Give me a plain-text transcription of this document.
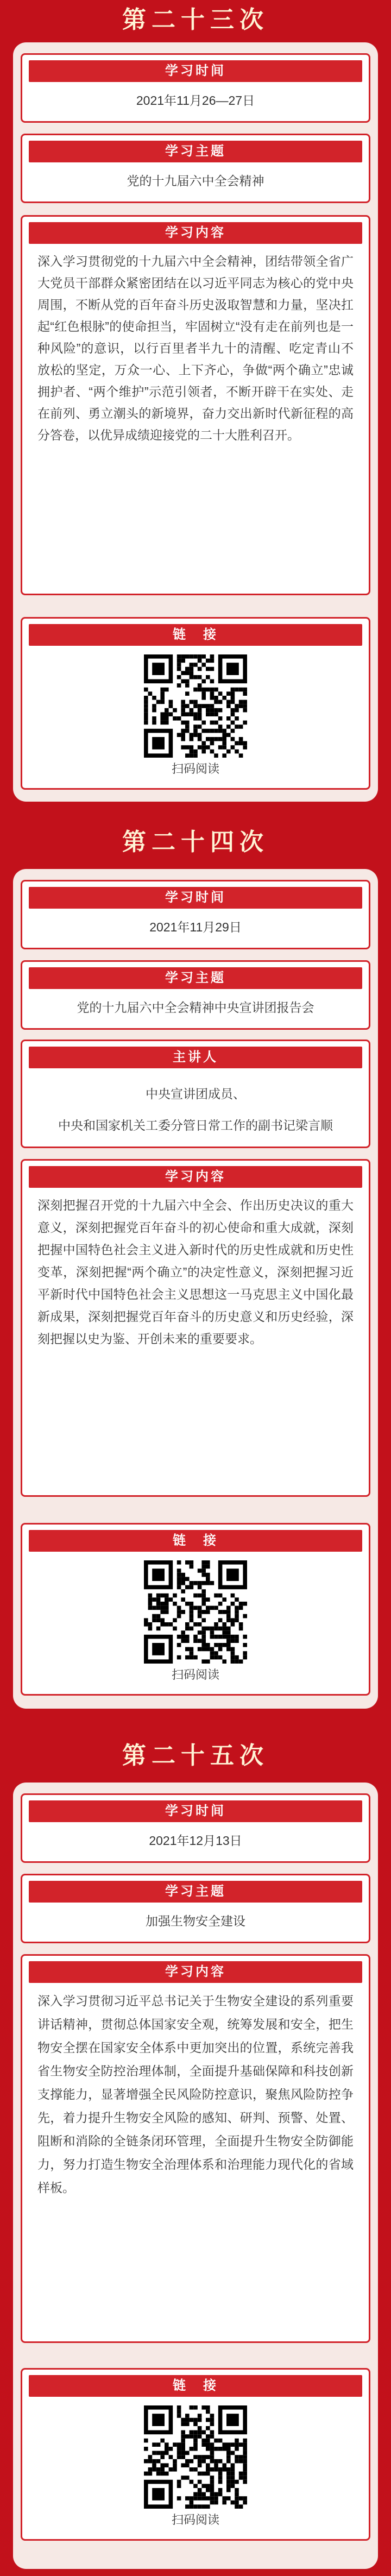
第二十三次
学习时间
2021年11月26—27日
学习主题
党的十九届六中全会精神
学习内容
深入学习贯彻党的十九届六中全会精神，团结带领全省广大党员干部群众紧密团结在以习近平同志为核心的党中央周围，不断从党的百年奋斗历史汲取智慧和力量，坚决扛起“红色根脉”的使命担当，牢固树立“没有走在前列也是一种风险”的意识，以行百里者半九十的清醒、吃定青山不放松的坚定，万众一心、上下齐心，争做“两个确立”忠诚拥护者、“两个维护”示范引领者，不断开辟干在实处、走在前列、勇立潮头的新境界，奋力交出新时代新征程的高分答卷，以优异成绩迎接党的二十大胜利召开。
链　接
扫码阅读
第二十四次
学习时间
2021年11月29日
学习主题
党的十九届六中全会精神中央宣讲团报告会
主讲人
中央宣讲团成员、
中央和国家机关工委分管日常工作的副书记梁言顺
学习内容
深刻把握召开党的十九届六中全会、作出历史决议的重大意义，深刻把握党百年奋斗的初心使命和重大成就，深刻把握中国特色社会主义进入新时代的历史性成就和历史性变革，深刻把握“两个确立”的决定性意义，深刻把握习近平新时代中国特色社会主义思想这一马克思主义中国化最新成果，深刻把握党百年奋斗的历史意义和历史经验，深刻把握以史为鉴、开创未来的重要要求。
链　接
扫码阅读
第二十五次
学习时间
2021年12月13日
学习主题
加强生物安全建设
学习内容
深入学习贯彻习近平总书记关于生物安全建设的系列重要讲话精神，贯彻总体国家安全观，统筹发展和安全，把生物安全摆在国家安全体系中更加突出的位置，系统完善我省生物安全防控治理体制，全面提升基础保障和科技创新支撑能力，显著增强全民风险防控意识，聚焦风险防控争先，着力提升生物安全风险的感知、研判、预警、处置、阻断和消除的全链条闭环管理，全面提升生物安全防御能力，努力打造生物安全治理体系和治理能力现代化的省域样板。
链　接
扫码阅读
